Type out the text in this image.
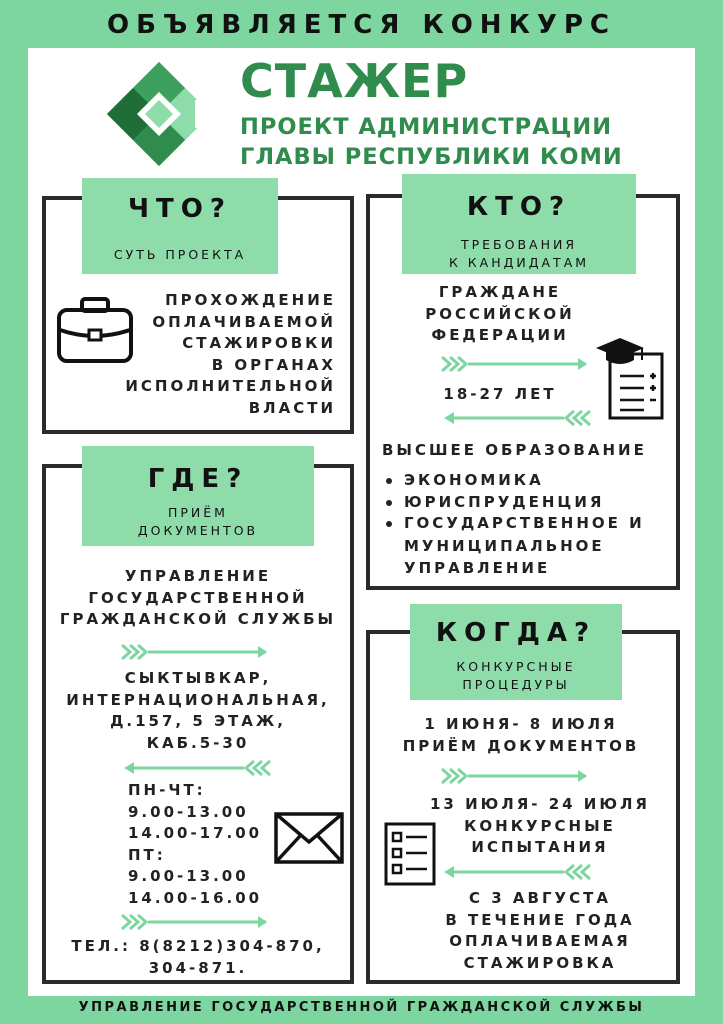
ОБЪЯВЛЯЕТСЯ КОНКУРС
СТАЖЕР
ПРОЕКТ АДМИНИСТРАЦИИ
ГЛАВЫ РЕСПУБЛИКИ КОМИ
ЧТО?
СУТЬ ПРОЕКТА
ПРОХОЖДЕНИЕ
ОПЛАЧИВАЕМОЙ
СТАЖИРОВКИ
В ОРГАНАХ
ИСПОЛНИТЕЛЬНОЙ
ВЛАСТИ
КТО?
ТРЕБОВАНИЯ
К КАНДИДАТАМ
ГРАЖДАНЕ
РОССИЙСКОЙ
ФЕДЕРАЦИИ
18-27 ЛЕТ
ВЫСШЕЕ ОБРАЗОВАНИЕ
ЭКОНОМИКА
ЮРИСПРУДЕНЦИЯ
ГОСУДАРСТВЕННОЕ И
МУНИЦИПАЛЬНОЕ
УПРАВЛЕНИЕ
ГДЕ?
ПРИЁМ
ДОКУМЕНТОВ
УПРАВЛЕНИЕ
ГОСУДАРСТВЕННОЙ
ГРАЖДАНСКОЙ СЛУЖБЫ
СЫКТЫВКАР,
ИНТЕРНАЦИОНАЛЬНАЯ,
Д.157, 5 ЭТАЖ,
КАБ.5-30
ПН-ЧТ:
9.00-13.00
14.00-17.00
ПТ:
9.00-13.00
14.00-16.00
ТЕЛ.: 8(8212)304-870,
304-871.
КОГДА?
КОНКУРСНЫЕ
ПРОЦЕДУРЫ
1 ИЮНЯ- 8 ИЮЛЯ
ПРИЁМ ДОКУМЕНТОВ
13 ИЮЛЯ- 24 ИЮЛЯ
КОНКУРСНЫЕ
ИСПЫТАНИЯ
С 3 АВГУСТА
В ТЕЧЕНИЕ ГОДА
ОПЛАЧИВАЕМАЯ
СТАЖИРОВКА
УПРАВЛЕНИЕ ГОСУДАРСТВЕННОЙ ГРАЖДАНСКОЙ СЛУЖБЫ
